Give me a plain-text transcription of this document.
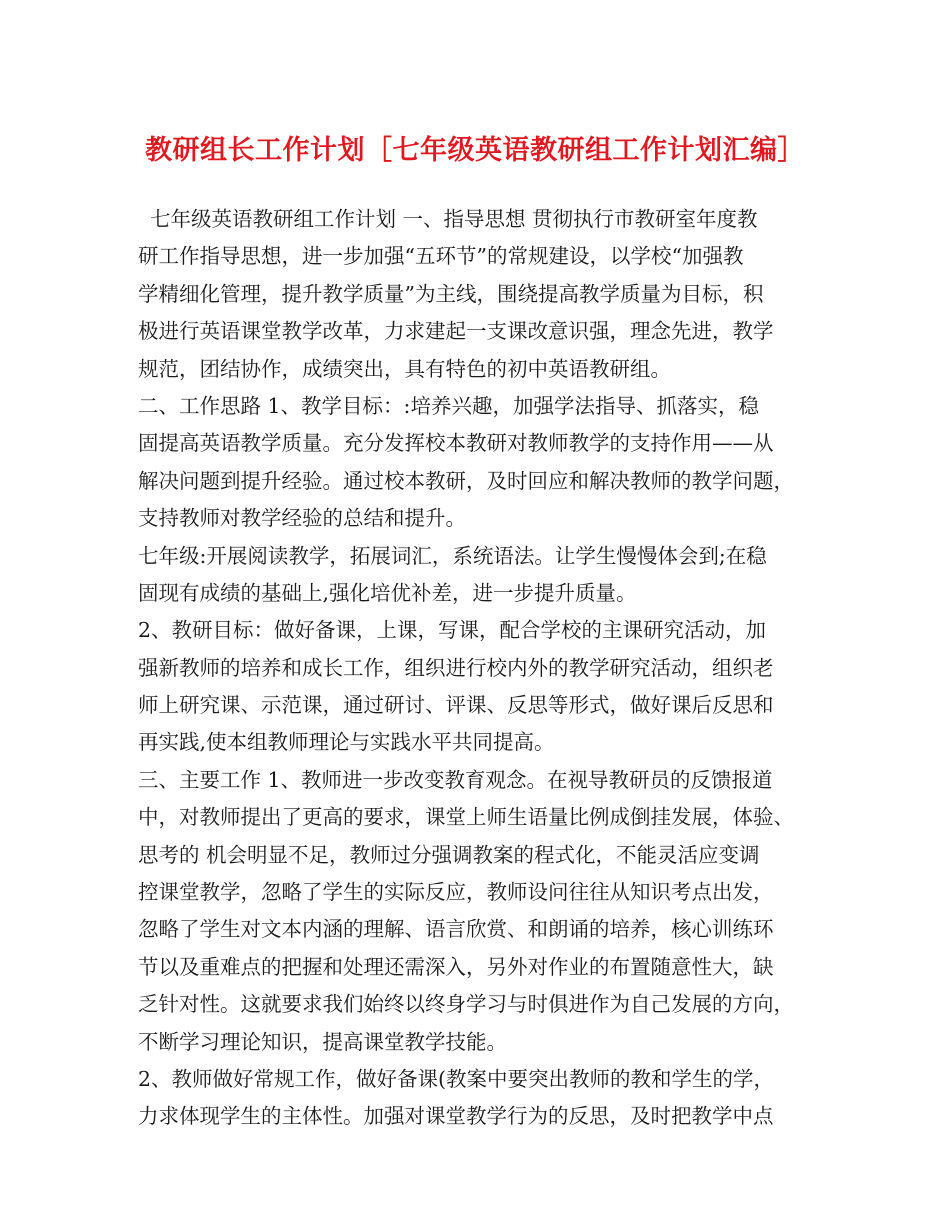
教研组长工作计划［七年级英语教研组工作计划汇编］
七年级英语教研组工作计划 一、指导思想 贯彻执行市教研室年度教
研工作指导思想，进一步加强“五环节”的常规建设，以学校“加强教
学精细化管理，提升教学质量”为主线，围绕提高教学质量为目标，积
极进行英语课堂教学改革，力求建起一支课改意识强，理念先进，教学
规范，团结协作，成绩突出，具有特色的初中英语教研组。
二、工作思路 1、教学目标：:培养兴趣，加强学法指导、抓落实，稳
固提高英语教学质量。充分发挥校本教研对教师教学的支持作用——从
解决问题到提升经验。通过校本教研，及时回应和解决教师的教学问题，
支持教师对教学经验的总结和提升。
七年级:开展阅读教学，拓展词汇，系统语法。让学生慢慢体会到;在稳
固现有成绩的基础上,强化培优补差，进一步提升质量。
2、教研目标：做好备课，上课，写课，配合学校的主课研究活动，加
强新教师的培养和成长工作，组织进行校内外的教学研究活动，组织老
师上研究课、示范课，通过研讨、评课、反思等形式，做好课后反思和
再实践,使本组教师理论与实践水平共同提高。
三、主要工作 1、教师进一步改变教育观念。在视导教研员的反馈报道
中，对教师提出了更高的要求，课堂上师生语量比例成倒挂发展，体验、
思考的 机会明显不足，教师过分强调教案的程式化，不能灵活应变调
控课堂教学，忽略了学生的实际反应，教师设问往往从知识考点出发，
忽略了学生对文本内涵的理解、语言欣赏、和朗诵的培养，核心训练环
节以及重难点的把握和处理还需深入，另外对作业的布置随意性大，缺
乏针对性。这就要求我们始终以终身学习与时俱进作为自己发展的方向，
不断学习理论知识，提高课堂教学技能。
2、教师做好常规工作，做好备课(教案中要突出教师的教和学生的学，
力求体现学生的主体性。加强对课堂教学行为的反思，及时把教学中点
